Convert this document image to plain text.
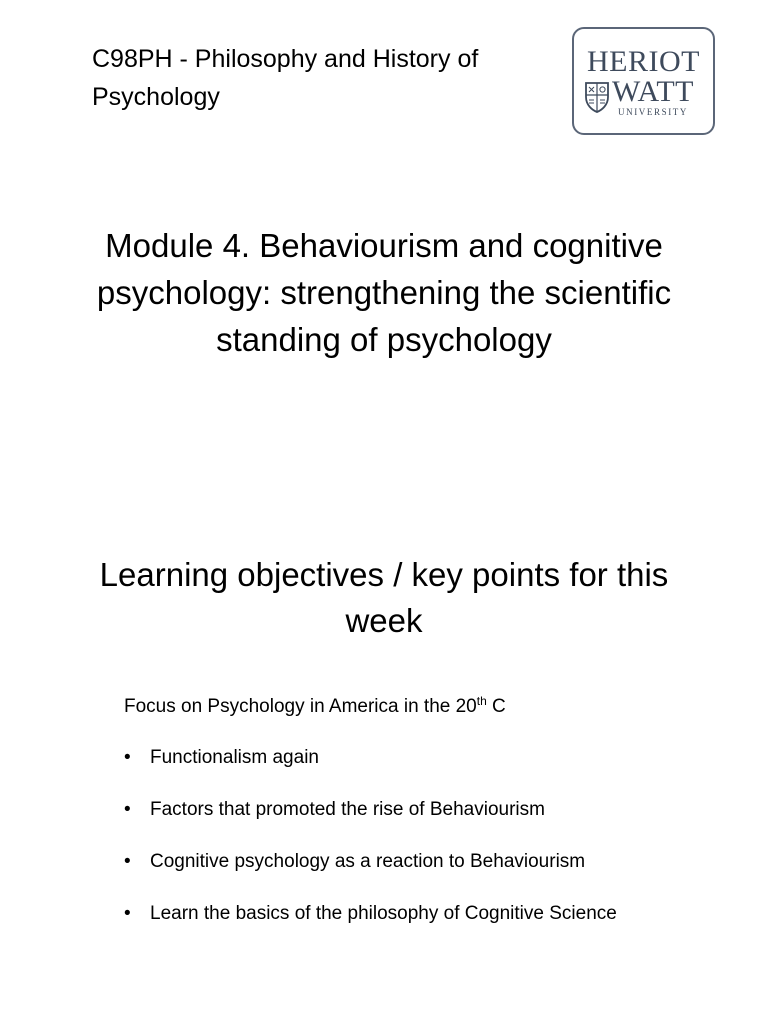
C98PH - Philosophy and History of Psychology
HERIOT
WATT
UNIVERSITY
Module 4. Behaviourism and cognitive psychology: strengthening the scientific standing of psychology
Learning objectives / key points for this week
Focus on Psychology in America in the 20th C
• Functionalism again
• Factors that promoted the rise of Behaviourism
• Cognitive psychology as a reaction to Behaviourism
• Learn the basics of the philosophy of Cognitive Science
